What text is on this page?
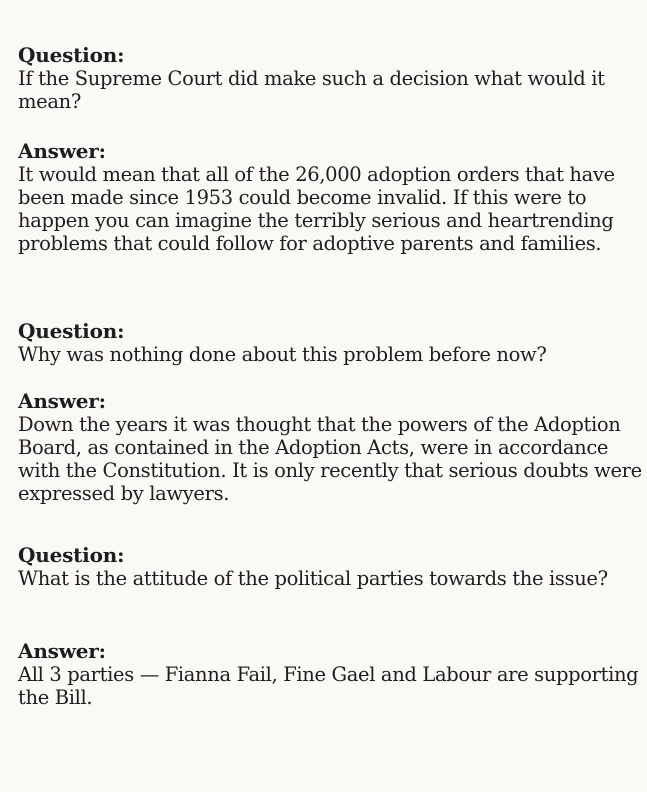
Question:

If the Supreme Court did make such a decision what would it mean?

Answer:

It would mean that all of the 26,000 adoption orders that have been made since 1953 could become invalid. If this were to happen you can imagine the terribly serious and heartrending problems that could follow for adoptive parents and families.

Question:

Why was nothing done about this problem before now?

Answer:

Down the years it was thought that the powers of the Adoption Board, as contained in the Adoption Acts, were in accordance with the Constitution. It is only recently that serious doubts were expressed by lawyers.

Question:

What is the attitude of the political parties towards the issue?

Answer:

All 3 parties — Fianna Fail, Fine Gael and Labour are supporting the Bill.
